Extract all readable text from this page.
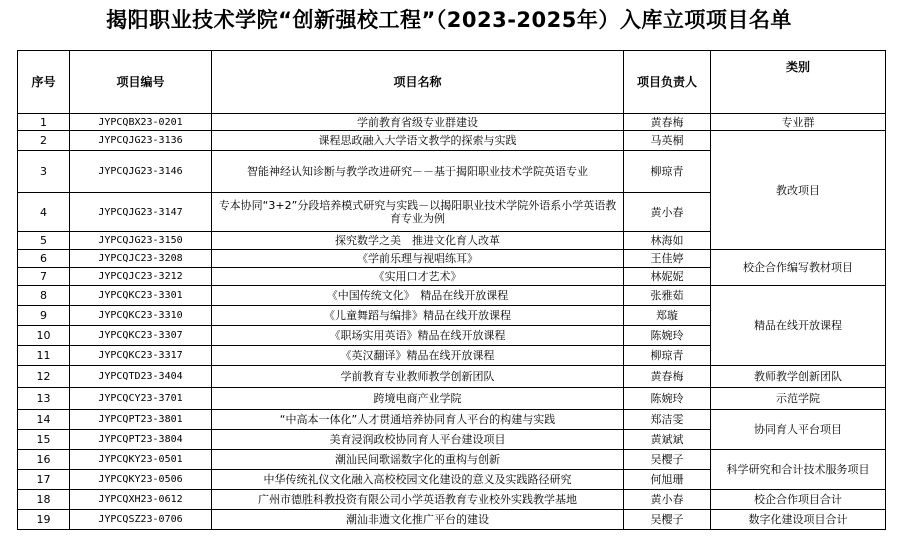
揭阳职业技术学院“创新强校工程”（2023-2025年）入库立项项目名单
序号	项目编号	项目名称	项目负责人	类别
1	JYPCQBX23-0201	学前教育省级专业群建设	黄春梅	专业群
2	JYPCQJG23-3136	课程思政融入大学语文教学的探索与实践	马英桐	教改项目
3	JYPCQJG23-3146	智能神经认知诊断与教学改进研究－－基于揭阳职业技术学院英语专业	柳琼青	
4	JYPCQJG23-3147	专本协同“3+2”分段培养模式研究与实践－以揭阳职业技术学院外语系小学英语教育专业为例	黄小春	
5	JYPCQJG23-3150	探究数学之美　推进文化育人改革	林海如	
6	JYPCQJC23-3208	《学前乐理与视唱练耳》	王佳婷	校企合作编写教材项目
7	JYPCQJC23-3212	《实用口才艺术》	林妮妮	
8	JYPCQKC23-3301	《中国传统文化》　精品在线开放课程	张雅茹	精品在线开放课程
9	JYPCQKC23-3310	《儿童舞蹈与编排》精品在线开放课程	郑璇	
10	JYPCQKC23-3307	《职场实用英语》精品在线开放课程	陈婉玲	
11	JYPCQKC23-3317	《英汉翻译》精品在线开放课程	柳琼青	
12	JYPCQTD23-3404	学前教育专业教师教学创新团队	黄春梅	教师教学创新团队
13	JYPCQCY23-3701	跨境电商产业学院	陈婉玲	示范学院
14	JYPCQPT23-3801	“中高本一体化”人才贯通培养协同育人平台的构建与实践	郑洁雯	协同育人平台项目
15	JYPCQPT23-3804	美育浸润政校协同育人平台建设项目	黄斌斌	
16	JYPCQKY23-0501	潮汕民间歌谣数字化的重构与创新	吴樱子	科学研究和合计技术服务项目
17	JYPCQKY23-0506	中华传统礼仪文化融入高校校园文化建设的意义及实践路径研究	何旭珊	
18	JYPCQXH23-0612	广州市德胜科教投资有限公司小学英语教育专业校外实践教学基地	黄小春	校企合作项目合计
19	JYPCQSZ23-0706	潮汕非遗文化推广平台的建设	吴樱子	数字化建设项目合计
